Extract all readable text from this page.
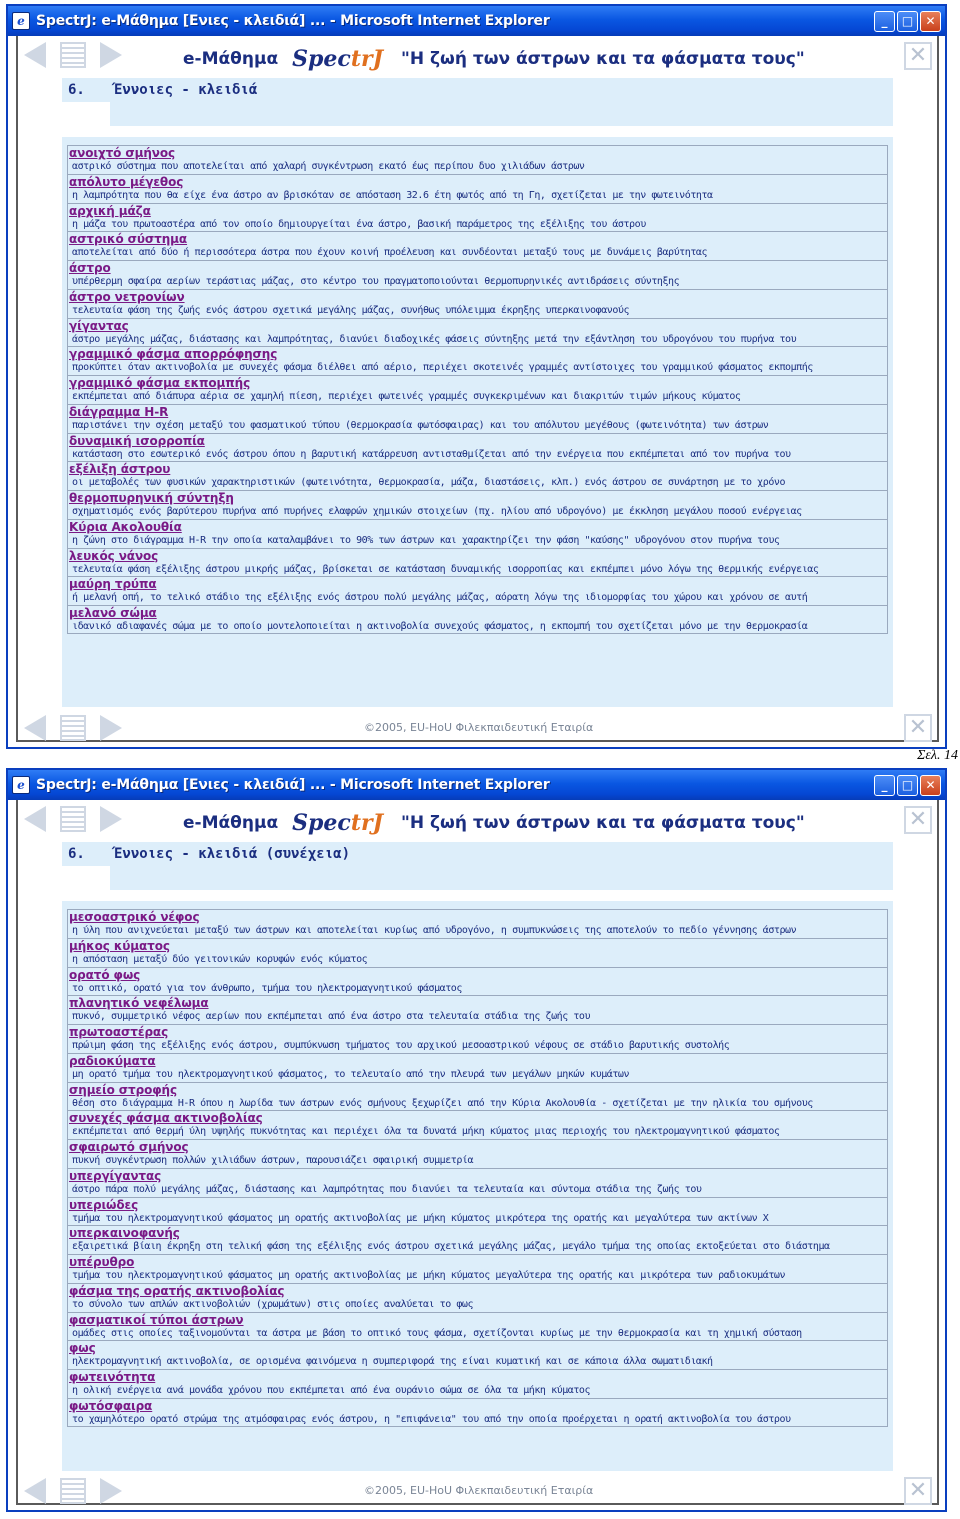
e SpectrJ: e-Μάθημα [Ενιες - κλειδιά] ... - Microsoft Internet Explorer	_	□	✕
✕
e-Μάθημα Spec trJ "Η ζωή των άστρων και τα φάσματα τους"
6. Έννοιες - κλειδιά
ανοιχτό σμήνος
αστρικό σύστημα που αποτελείται από χαλαρή συγκέντρωση εκατό έως περίπου δυο χιλιάδων άστρων
απόλυτο μέγεθος
η λαμπρότητα που θα είχε ένα άστρο αν βρισκόταν σε απόσταση 32.6 έτη φωτός από τη Γη, σχετίζεται με την φωτεινότητα
αρχική μάζα
η μάζα του πρωτοαστέρα από τον οποίο δημιουργείται ένα άστρο, βασική παράμετρος της εξέλιξης του άστρου
αστρικό σύστημα
αποτελείται από δύο ή περισσότερα άστρα που έχουν κοινή προέλευση και συνδέονται μεταξύ τους με δυνάμεις βαρύτητας
άστρο
υπέρθερμη σφαίρα αερίων τεράστιας μάζας, στο κέντρο του πραγματοποιούνται θερμοπυρηνικές αντιδράσεις σύντηξης
άστρο νετρονίων
τελευταία φάση της ζωής ενός άστρου σχετικά μεγάλης μάζας, συνήθως υπόλειμμα έκρηξης υπερκαινοφανούς
γίγαντας
άστρο μεγάλης μάζας, διάστασης και λαμπρότητας, διανύει διαδοχικές φάσεις σύντηξης μετά την εξάντληση του υδρογόνου του πυρήνα του
γραμμικό φάσμα απορρόφησης
προκύπτει όταν ακτινοβολία με συνεχές φάσμα διέλθει από αέριο, περιέχει σκοτεινές γραμμές αντίστοιχες του γραμμικού φάσματος εκπομπής
γραμμικό φάσμα εκπομπής
εκπέμπεται από διάπυρα αέρια σε χαμηλή πίεση, περιέχει φωτεινές γραμμές συγκεκριμένων και διακριτών τιμών μήκους κύματος
διάγραμμα H-R
παριστάνει την σχέση μεταξύ του φασματικού τύπου (θερμοκρασία φωτόσφαιρας) και του απόλυτου μεγέθους (φωτεινότητα) των άστρων
δυναμική ισορροπία
κατάσταση στο εσωτερικό ενός άστρου όπου η βαρυτική κατάρρευση αντισταθμίζεται από την ενέργεια που εκπέμπεται από τον πυρήνα του
εξέλιξη άστρου
οι μεταβολές των φυσικών χαρακτηριστικών (φωτεινότητα, θερμοκρασία, μάζα, διαστάσεις, κλπ.) ενός άστρου σε συνάρτηση με το χρόνο
θερμοπυρηνική σύντηξη
σχηματισμός ενός βαρύτερου πυρήνα από πυρήνες ελαφρών χημικών στοιχείων (πχ. ηλίου από υδρογόνο) με έκκληση μεγάλου ποσού ενέργειας
Κύρια Ακολουθία
η ζώνη στο διάγραμμα H-R την οποία καταλαμβάνει το 90% των άστρων και χαρακτηρίζει την φάση "καύσης" υδρογόνου στον πυρήνα τους
λευκός νάνος
τελευταία φάση εξέλιξης άστρου μικρής μάζας, βρίσκεται σε κατάσταση δυναμικής ισορροπίας και εκπέμπει μόνο λόγω της θερμικής ενέργειας
μαύρη τρύπα
ή μελανή οπή, το τελικό στάδιο της εξέλιξης ενός άστρου πολύ μεγάλης μάζας, αόρατη λόγω της ιδιομορφίας του χώρου και χρόνου σε αυτή
μελανό σώμα
ιδανικό αδιαφανές σώμα με το οποίο μοντελοποιείται η ακτινοβολία συνεχούς φάσματος, η εκπομπή του σχετίζεται μόνο με την θερμοκρασία
©2005, EU-HoU Φιλεκπαιδευτική Εταιρία	✕
Σελ. 14
e SpectrJ: e-Μάθημα [Ενιες - κλειδιά] ... - Microsoft Internet Explorer	_	□	✕
✕
e-Μάθημα Spec trJ "Η ζωή των άστρων και τα φάσματα τους"
6. Έννοιες - κλειδιά (συνέχεια)
μεσοαστρικό νέφος
η ύλη που ανιχνεύεται μεταξύ των άστρων και αποτελείται κυρίως από υδρογόνο, η συμπυκνώσεις της αποτελούν το πεδίο γέννησης άστρων
μήκος κύματος
η απόσταση μεταξύ δύο γειτονικών κορυφών ενός κύματος
ορατό φως
το οπτικό, ορατό για τον άνθρωπο, τμήμα του ηλεκτρομαγνητικού φάσματος
πλανητικό νεφέλωμα
πυκνό, συμμετρικό νέφος αερίων που εκπέμπεται από ένα άστρο στα τελευταία στάδια της ζωής του
πρωτοαστέρας
πρώιμη φάση της εξέλιξης ενός άστρου, συμπύκνωση τμήματος του αρχικού μεσοαστρικού νέφους σε στάδιο βαρυτικής συστολής
ραδιοκύματα
μη ορατό τμήμα του ηλεκτρομαγνητικού φάσματος, το τελευταίο από την πλευρά των μεγάλων μηκών κυμάτων
σημείο στροφής
θέση στο διάγραμμα H-R όπου η λωρίδα των άστρων ενός σμήνους ξεχωρίζει από την Κύρια Ακολουθία - σχετίζεται με την ηλικία του σμήνους
συνεχές φάσμα ακτινοβολίας
εκπέμπεται από θερμή ύλη υψηλής πυκνότητας και περιέχει όλα τα δυνατά μήκη κύματος μιας περιοχής του ηλεκτρομαγνητικού φάσματος
σφαιρωτό σμήνος
πυκνή συγκέντρωση πολλών χιλιάδων άστρων, παρουσιάζει σφαιρική συμμετρία
υπεργίγαντας
άστρο πάρα πολύ μεγάλης μάζας, διάστασης και λαμπρότητας που διανύει τα τελευταία και σύντομα στάδια της ζωής του
υπεριώδες
τμήμα του ηλεκτρομαγνητικού φάσματος μη ορατής ακτινοβολίας με μήκη κύματος μικρότερα της ορατής και μεγαλύτερα των ακτίνων X
υπερκαινοφανής
εξαιρετικά βίαιη έκρηξη στη τελική φάση της εξέλιξης ενός άστρου σχετικά μεγάλης μάζας, μεγάλο τμήμα της οποίας εκτοξεύεται στο διάστημα
υπέρυθρο
τμήμα του ηλεκτρομαγνητικού φάσματος μη ορατής ακτινοβολίας με μήκη κύματος μεγαλύτερα της ορατής και μικρότερα των ραδιοκυμάτων
φάσμα της ορατής ακτινοβολίας
το σύνολο των απλών ακτινοβολιών (χρωμάτων) στις οποίες αναλύεται το φως
φασματικοί τύποι άστρων
ομάδες στις οποίες ταξινομούνται τα άστρα με βάση το οπτικό τους φάσμα, σχετίζονται κυρίως με την θερμοκρασία και τη χημική σύσταση
φως
ηλεκτρομαγνητική ακτινοβολία, σε ορισμένα φαινόμενα η συμπεριφορά της είναι κυματική και σε κάποια άλλα σωματιδιακή
φωτεινότητα
η ολική ενέργεια ανά μονάδα χρόνου που εκπέμπεται από ένα ουράνιο σώμα σε όλα τα μήκη κύματος
φωτόσφαιρα
το χαμηλότερο ορατό στρώμα της ατμόσφαιρας ενός άστρου, η "επιφάνεια" του από την οποία προέρχεται η ορατή ακτινοβολία του άστρου
©2005, EU-HoU Φιλεκπαιδευτική Εταιρία	✕
